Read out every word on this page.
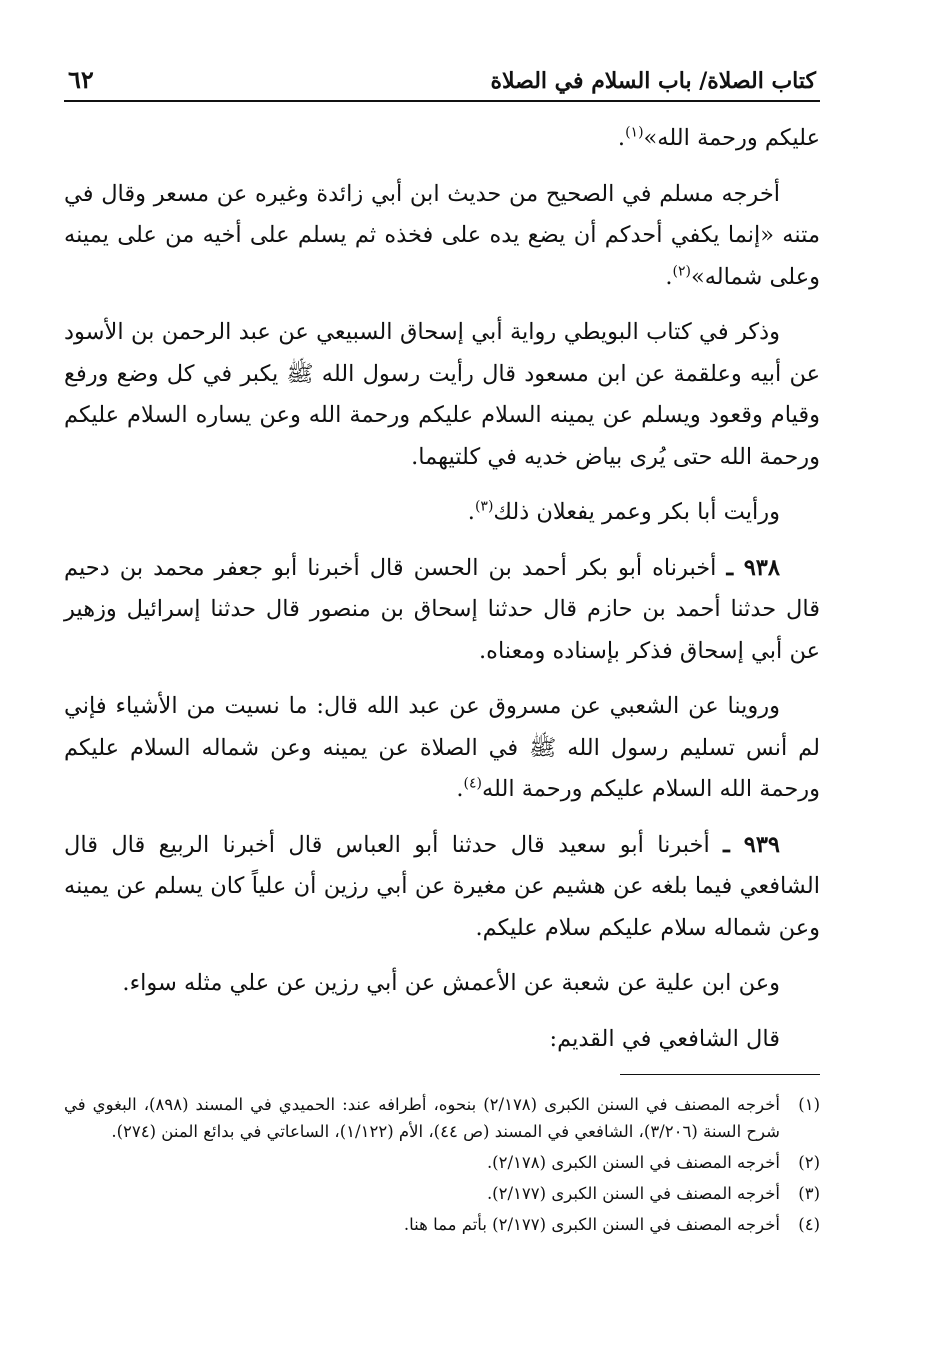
كتاب الصلاة/ باب السلام في الصلاة
٦٢

عليكم ورحمة الله»$^{(١)}$.

أخرجه مسلم في الصحيح من حديث ابن أبي زائدة وغيره عن مسعر وقال في متنه «إنما يكفي أحدكم أن يضع يده على فخذه ثم يسلم على أخيه من على يمينه وعلى شماله»$^{(٢)}$.

وذكر في كتاب البويطي رواية أبي إسحاق السبيعي عن عبد الرحمن بن الأسود عن أبيه وعلقمة عن ابن مسعود قال رأيت رسول الله ﷺ يكبر في كل وضع ورفع وقيام وقعود ويسلم عن يمينه السلام عليكم ورحمة الله وعن يساره السلام عليكم ورحمة الله حتى يُرى بياض خديه في كلتيهما.

ورأيت أبا بكر وعمر يفعلان ذلك$^{(٣)}$.

٩٣٨ ـ أخبرناه أبو بكر أحمد بن الحسن قال أخبرنا أبو جعفر محمد بن دحيم قال حدثنا أحمد بن حازم قال حدثنا إسحاق بن منصور قال حدثنا إسرائيل وزهير عن أبي إسحاق فذكر بإسناده ومعناه.

وروينا عن الشعبي عن مسروق عن عبد الله قال: ما نسيت من الأشياء فإني لم أنس تسليم رسول الله ﷺ في الصلاة عن يمينه وعن شماله السلام عليكم ورحمة الله السلام عليكم ورحمة الله$^{(٤)}$.

٩٣٩ ـ أخبرنا أبو سعيد قال حدثنا أبو العباس قال أخبرنا الربيع قال قال الشافعي فيما بلغه عن هشيم عن مغيرة عن أبي رزين أن علياً كان يسلم عن يمينه وعن شماله سلام عليكم سلام عليكم.

وعن ابن علية عن شعبة عن الأعمش عن أبي رزين عن علي مثله سواء.

قال الشافعي في القديم:

(١)
أخرجه المصنف في السنن الكبرى (٢/١٧٨) بنحوه، أطرافه عند: الحميدي في المسند (٨٩٨)، البغوي في شرح السنة (٣/٢٠٦)، الشافعي في المسند (ص ٤٤)، الأم (١/١٢٢)، الساعاتي في بدائع المنن (٢٧٤).
(٢)
أخرجه المصنف في السنن الكبرى (٢/١٧٨).
(٣)
أخرجه المصنف في السنن الكبرى (٢/١٧٧).
(٤)
أخرجه المصنف في السنن الكبرى (٢/١٧٧) بأتم مما هنا.
